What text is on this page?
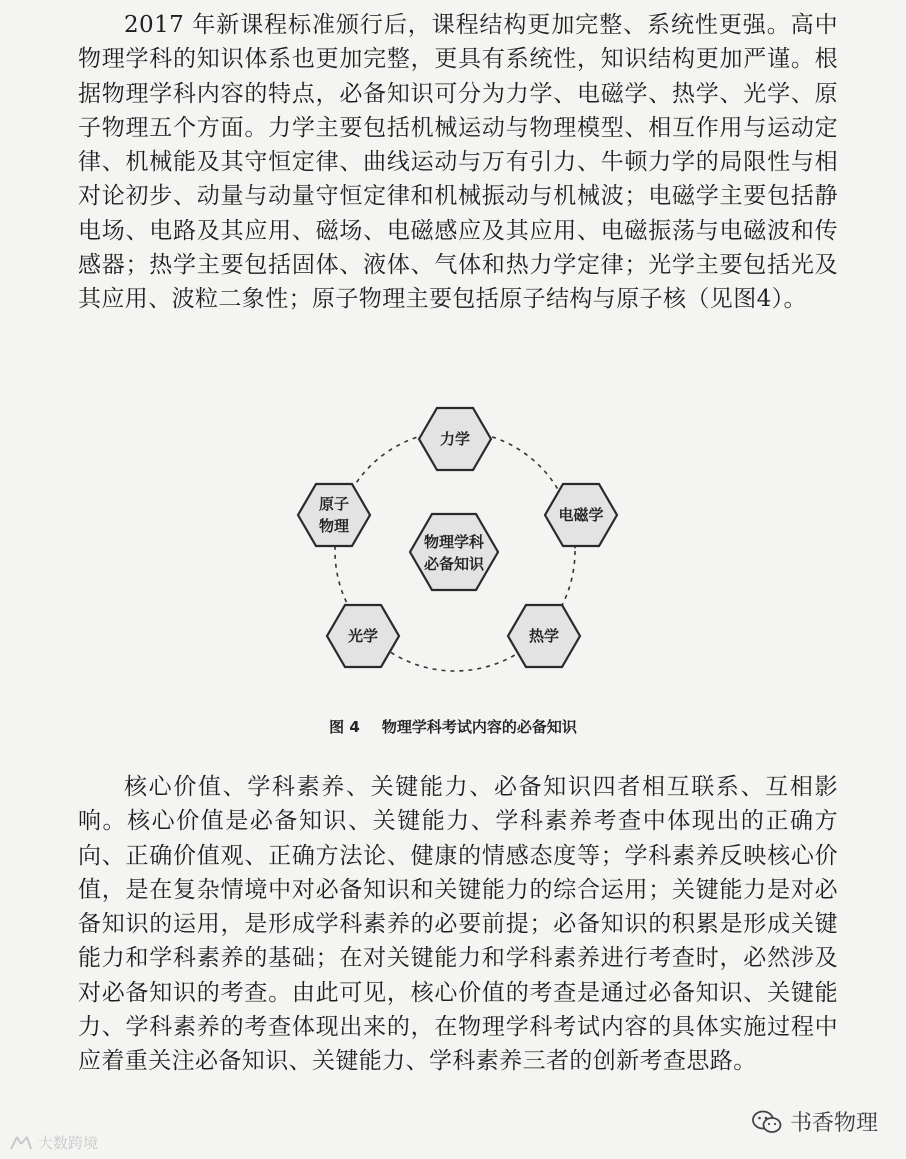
2017 年新课程标准颁行后，课程结构更加完整、系统性更强。高中物理学科的知识体系也更加完整，更具有系统性，知识结构更加严谨。根据物理学科内容的特点，必备知识可分为力学、电磁学、热学、光学、原子物理五个方面。力学主要包括机械运动与物理模型、相互作用与运动定律、机械能及其守恒定律、曲线运动与万有引力、牛顿力学的局限性与相对论初步、动量与动量守恒定律和机械振动与机械波；电磁学主要包括静电场、电路及其应用、磁场、电磁感应及其应用、电磁振荡与电磁波和传感器；热学主要包括固体、液体、气体和热力学定律；光学主要包括光及其应用、波粒二象性；原子物理主要包括原子结构与原子核（见图4）。

力学
电磁学
热学
光学
原子
物理
物理学科
必备知识
图 4 物理学科考试内容的必备知识

核心价值、学科素养、关键能力、必备知识四者相互联系、互相影响。核心价值是必备知识、关键能力、学科素养考查中体现出的正确方向、正确价值观、正确方法论、健康的情感态度等；学科素养反映核心价值，是在复杂情境中对必备知识和关键能力的综合运用；关键能力是对必备知识的运用，是形成学科素养的必要前提；必备知识的积累是形成关键能力和学科素养的基础；在对关键能力和学科素养进行考查时，必然涉及对必备知识的考查。由此可见，核心价值的考查是通过必备知识、关键能力、学科素养的考查体现出来的，在物理学科考试内容的具体实施过程中应着重关注必备知识、关键能力、学科素养三者的创新考查思路。

书香物理
大数跨境
